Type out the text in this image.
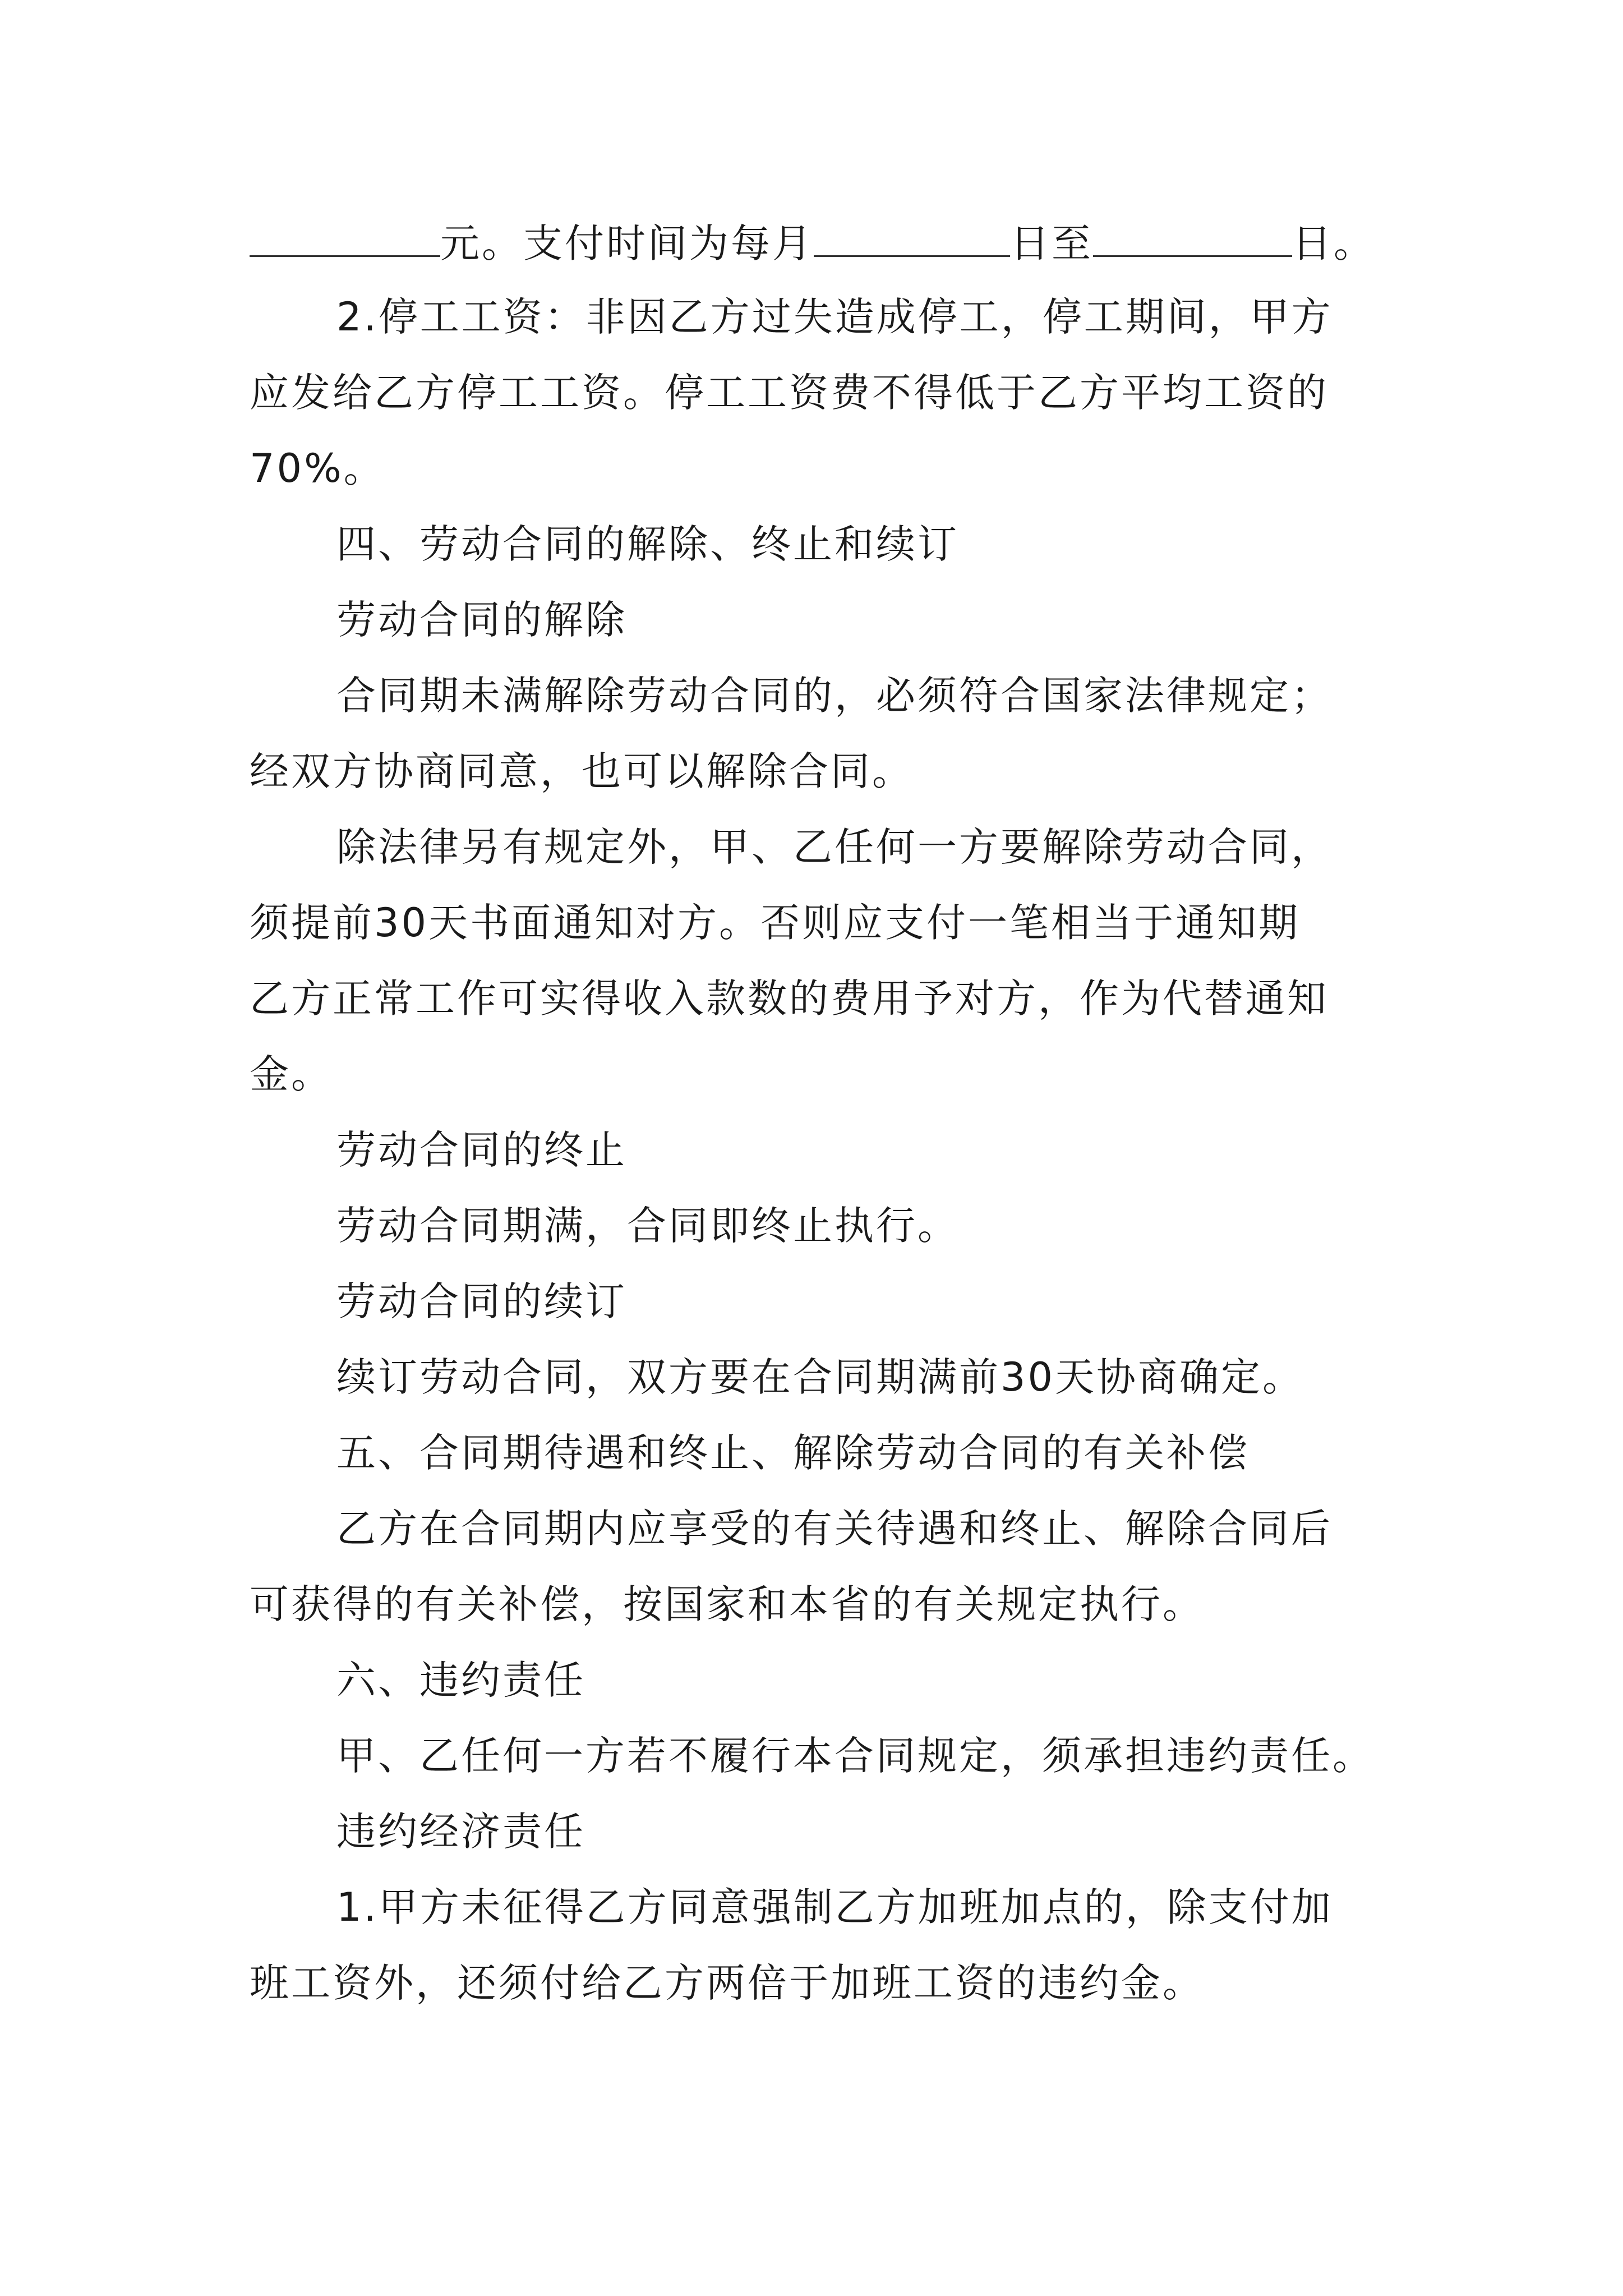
元。支付时间为每月	日至	日。
2.停工工资：非因乙方过失造成停工，停工期间，甲方
应发给乙方停工工资。停工工资费不得低于乙方平均工资的
70%。
四、劳动合同的解除、终止和续订
劳动合同的解除
合同期未满解除劳动合同的，必须符合国家法律规定；
经双方协商同意，也可以解除合同。
除法律另有规定外，甲、乙任何一方要解除劳动合同，
须提前30天书面通知对方。否则应支付一笔相当于通知期
乙方正常工作可实得收入款数的费用予对方，作为代替通知
金。
劳动合同的终止
劳动合同期满，合同即终止执行。
劳动合同的续订
续订劳动合同，双方要在合同期满前30天协商确定。
五、合同期待遇和终止、解除劳动合同的有关补偿
乙方在合同期内应享受的有关待遇和终止、解除合同后
可获得的有关补偿，按国家和本省的有关规定执行。
六、违约责任
甲、乙任何一方若不履行本合同规定，须承担违约责任。
违约经济责任
1.甲方未征得乙方同意强制乙方加班加点的，除支付加
班工资外，还须付给乙方两倍于加班工资的违约金。
